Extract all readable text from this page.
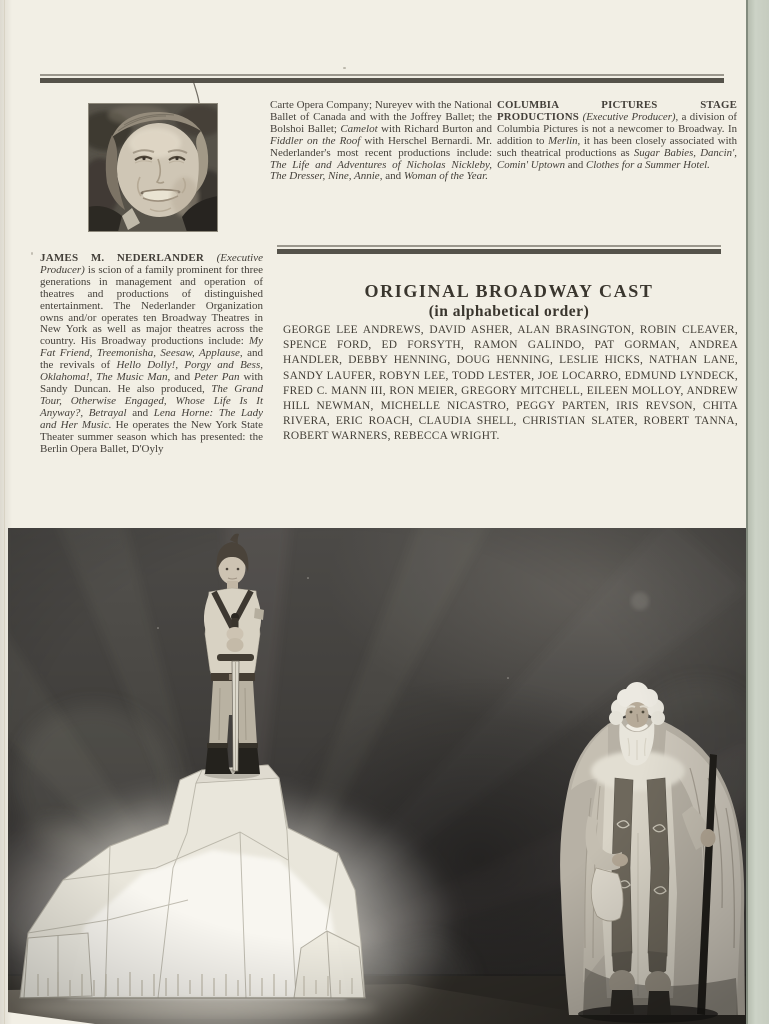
Carte Opera Company; Nureyev with the National Ballet of Canada and with the Joffrey Ballet; the Bolshoi Ballet; Camelot with Richard Burton and Fiddler on the Roof with Herschel Bernardi. Mr. Nederlander's most recent productions include: The Life and Adventures of Nicholas Nickleby, The Dresser, Nine, Annie, and Woman of the Year.

COLUMBIA PICTURES STAGE PRODUCTIONS (Executive Producer), a division of Columbia Pictures is not a newcomer to Broadway. In addition to Merlin, it has been closely associated with such theatrical productions as Sugar Babies, Dancin', Comin' Uptown and Clothes for a Summer Hotel.

JAMES M. NEDERLANDER (Executive Producer) is scion of a family prominent for three generations in management and operation of theatres and productions of distinguished entertainment. The Nederlander Organization owns and/or operates ten Broadway Theatres in New York as well as major theatres across the country. His Broadway productions include: My Fat Friend, Treemonisha, Seesaw, Applause, and the revivals of Hello Dolly!, Porgy and Bess, Oklahoma!, The Music Man, and Peter Pan with Sandy Duncan. He also produced, The Grand Tour, Otherwise Engaged, Whose Life Is It Anyway?, Betrayal and Lena Horne: The Lady and Her Music. He operates the New York State Theater summer season which has presented: the Berlin Opera Ballet, D'Oyly

ORIGINAL BROADWAY CAST
(in alphabetical order)

GEORGE LEE ANDREWS, DAVID ASHER, ALAN BRASINGTON, ROBIN CLEAVER, SPENCE FORD, ED FORSYTH, RAMON GALINDO, PAT GORMAN, ANDREA HANDLER, DEBBY HENNING, DOUG HENNING, LESLIE HICKS, NATHAN LANE, SANDY LAUFER, ROBYN LEE, TODD LESTER, JOE LOCARRO, EDMUND LYNDECK, FRED C. MANN III, RON MEIER, GREGORY MITCHELL, EILEEN MOLLOY, ANDREW HILL NEWMAN, MICHELLE NICASTRO, PEGGY PARTEN, IRIS REVSON, CHITA RIVERA, ERIC ROACH, CLAUDIA SHELL, CHRISTIAN SLATER, ROBERT TANNA, ROBERT WARNERS, REBECCA WRIGHT.
